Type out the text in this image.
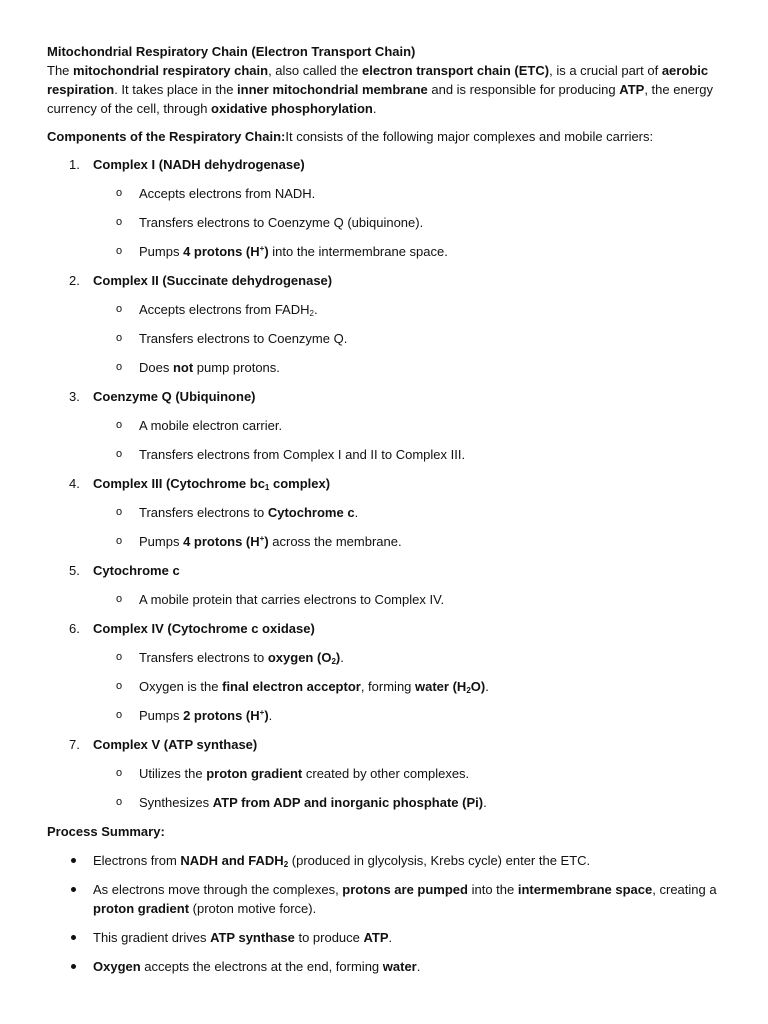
Mitochondrial Respiratory Chain (Electron Transport Chain)

The mitochondrial respiratory chain, also called the electron transport chain (ETC), is a crucial part of aerobic respiration. It takes place in the inner mitochondrial membrane and is responsible for producing ATP, the energy currency of the cell, through oxidative phosphorylation.

Components of the Respiratory Chain:It consists of the following major complexes and mobile carriers:

1. Complex I (NADH dehydrogenase)
o Accepts electrons from NADH.
o Transfers electrons to Coenzyme Q (ubiquinone).
o Pumps 4 protons (H+) into the intermembrane space.
2. Complex II (Succinate dehydrogenase)
o Accepts electrons from $FADH_2$.
o Transfers electrons to Coenzyme Q.
o Does not pump protons.
3. Coenzyme Q (Ubiquinone)
o A mobile electron carrier.
o Transfers electrons from Complex I and II to Complex III.
4. Complex III (Cytochrome $bc_1$ complex)
o Transfers electrons to Cytochrome c.
o Pumps 4 protons (H+) across the membrane.
5. Cytochrome c
o A mobile protein that carries electrons to Complex IV.
6. Complex IV (Cytochrome c oxidase)
o Transfers electrons to oxygen $(O_2)$.
o Oxygen is the final electron acceptor, forming water $(H_2O)$.
o Pumps 2 protons (H+).
7. Complex V (ATP synthase)
o Utilizes the proton gradient created by other complexes.
o Synthesizes ATP from ADP and inorganic phosphate (Pi).

Process Summary:

Electrons from NADH and $FADH_2$ (produced in glycolysis, Krebs cycle) enter the ETC.
As electrons move through the complexes, protons are pumped into the intermembrane space, creating a proton gradient (proton motive force).
This gradient drives ATP synthase to produce ATP.
Oxygen accepts the electrons at the end, forming water.
